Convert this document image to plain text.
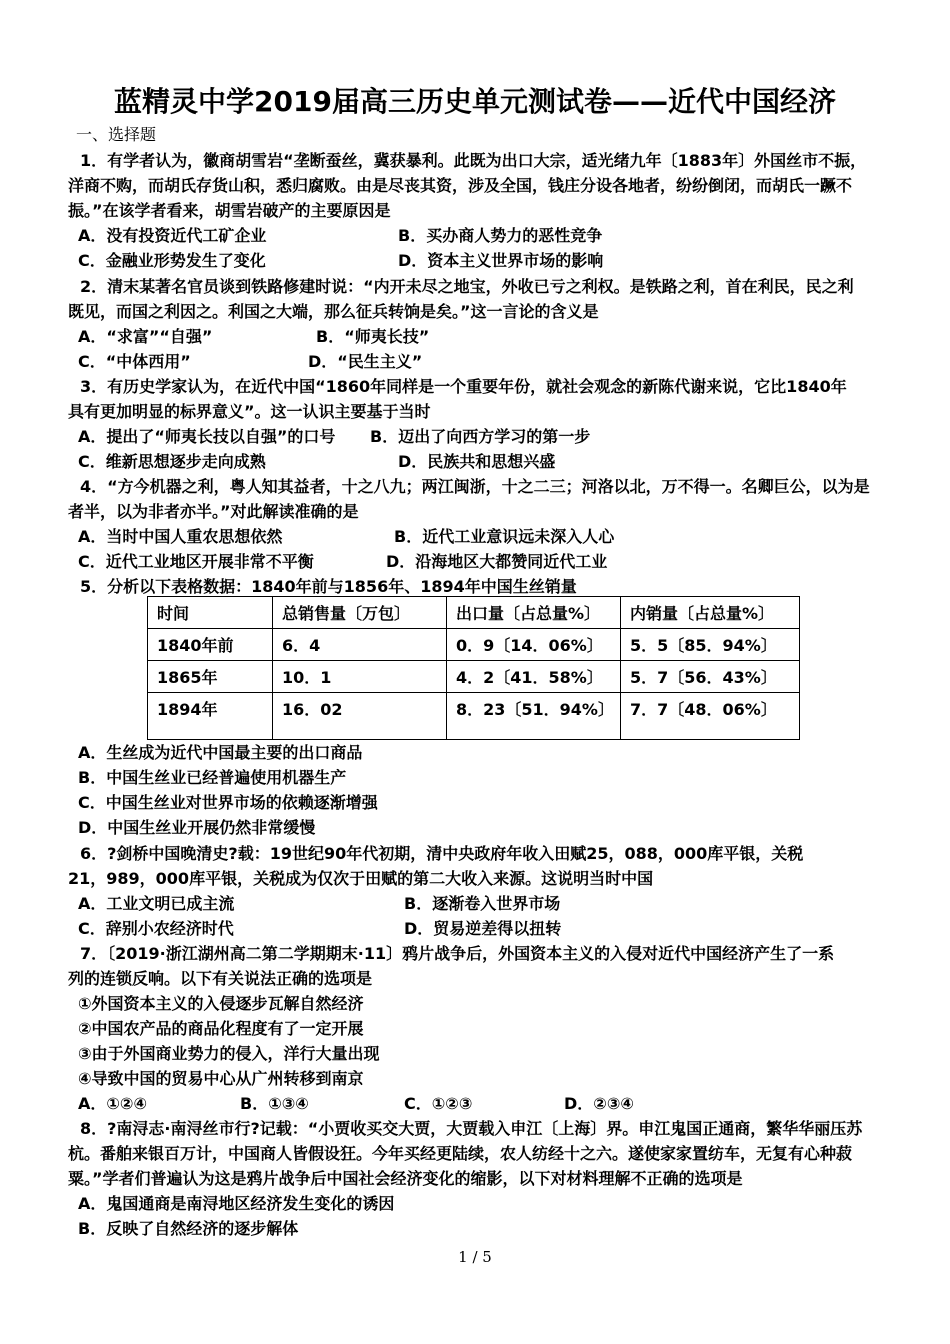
蓝精灵中学2019届高三历史单元测试卷——近代中国经济
一、选择题
1．有学者认为，徽商胡雪岩“垄断蚕丝，冀获暴利。此既为出口大宗，适光绪九年〔1883年〕外国丝市不振，
洋商不购，而胡氏存货山积，悉归腐败。由是尽丧其资，涉及全国，钱庄分设各地者，纷纷倒闭，而胡氏一蹶不
振。”在该学者看来，胡雪岩破产的主要原因是
A．没有投资近代工矿企业	B．买办商人势力的恶性竞争
C．金融业形势发生了变化	D．资本主义世界市场的影响
2．清末某著名官员谈到铁路修建时说：“内开未尽之地宝，外收已亏之利权。是铁路之利，首在利民，民之利
既见，而国之利因之。利国之大端，那么征兵转饷是矣。”这一言论的含义是
A．“求富”“自强”	B．“师夷长技”
C．“中体西用”	D．“民生主义”
3．有历史学家认为，在近代中国“1860年同样是一个重要年份，就社会观念的新陈代谢来说，它比1840年
具有更加明显的标界意义”。这一认识主要基于当时
A．提出了“师夷长技以自强”的口号 B．迈出了向西方学习的第一步
C．维新思想逐步走向成熟	D．民族共和思想兴盛
4．“方今机器之利，粤人知其益者，十之八九；两江闽浙，十之二三；河洛以北，万不得一。名卿巨公，以为是
者半，以为非者亦半。”对此解读准确的是
A．当时中国人重农思想依然	B．近代工业意识远未深入人心
C．近代工业地区开展非常不平衡	D．沿海地区大都赞同近代工业
5．分析以下表格数据：1840年前与1856年、1894年中国生丝销量
时间	总销售量〔万包〕	出口量〔占总量%〕	内销量〔占总量%〕
1840年前	6．4	0．9〔14．06%〕	5．5〔85．94%〕
1865年	10．1	4．2〔41．58%〕	5．7〔56．43%〕
1894年	16．02	8．23〔51．94%〕	7．7〔48．06%〕
A．生丝成为近代中国最主要的出口商品
B．中国生丝业已经普遍使用机器生产
C．中国生丝业对世界市场的依赖逐渐增强
D．中国生丝业开展仍然非常缓慢
6．?剑桥中国晚清史?载：19世纪90年代初期，清中央政府年收入田赋25，088，000库平银，关税
21，989，000库平银，关税成为仅次于田赋的第二大收入来源。这说明当时中国
A．工业文明已成主流	B．逐渐卷入世界市场
C．辞别小农经济时代	D．贸易逆差得以扭转
7．〔2019·浙江湖州高二第二学期期末·11〕鸦片战争后，外国资本主义的入侵对近代中国经济产生了一系
列的连锁反响。以下有关说法正确的选项是
①外国资本主义的入侵逐步瓦解自然经济
②中国农产品的商品化程度有了一定开展
③由于外国商业势力的侵入，洋行大量出现
④导致中国的贸易中心从广州转移到南京
A．①②④	B．①③④	C．①②③	D．②③④
8．?南浔志·南浔丝市行?记载：“小贾收买交大贾，大贾载入申江〔上海〕界。申江鬼国正通商，繁华华丽压苏
杭。番舶来银百万计，中国商人皆假设狂。今年买经更陆续，农人纺经十之六。遂使家家置纺车，无复有心种菽
粟。”学者们普遍认为这是鸦片战争后中国社会经济变化的缩影，以下对材料理解不正确的选项是
A．鬼国通商是南浔地区经济发生变化的诱因
B．反映了自然经济的逐步解体
1 / 5
